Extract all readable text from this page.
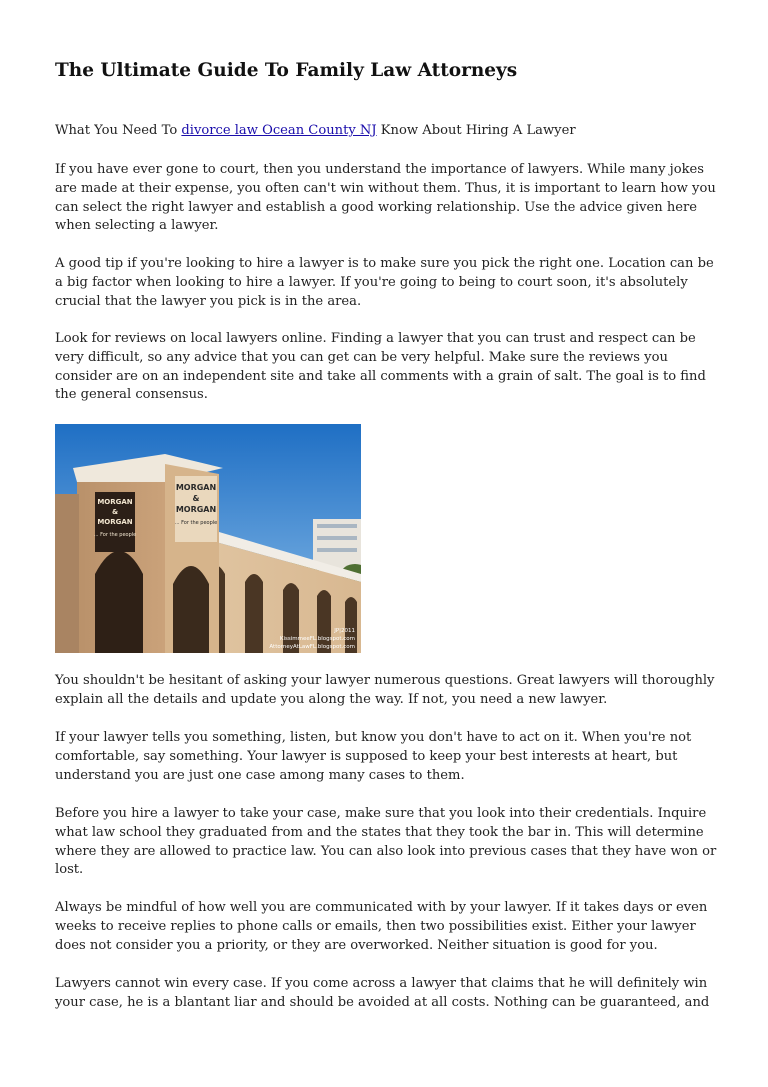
The Ultimate Guide To Family Law Attorneys

What You Need To divorce law Ocean County NJ Know About Hiring A Lawyer

If you have ever gone to court, then you understand the importance of lawyers. While many jokes are made at their expense, you often can't win without them. Thus, it is important to learn how you can select the right lawyer and establish a good working relationship. Use the advice given here when selecting a lawyer.

A good tip if you're looking to hire a lawyer is to make sure you pick the right one. Location can be a big factor when looking to hire a lawyer. If you're going to being to court soon, it's absolutely crucial that the lawyer you pick is in the area.

Look for reviews on local lawyers online. Finding a lawyer that you can trust and respect can be very difficult, so any advice that you can get can be very helpful. Make sure the reviews you consider are on an independent site and take all comments with a grain of salt. The goal is to find the general consensus.

MORGAN
&
MORGAN
... For the people
MORGAN
&
MORGAN
... For the people
JP|2011
KissimmeeFL.blogspot.com
AttorneyAtLawFL.blogspot.com

You shouldn't be hesitant of asking your lawyer numerous questions. Great lawyers will thoroughly explain all the details and update you along the way. If not, you need a new lawyer.

If your lawyer tells you something, listen, but know you don't have to act on it. When you're not comfortable, say something. Your lawyer is supposed to keep your best interests at heart, but understand you are just one case among many cases to them.

Before you hire a lawyer to take your case, make sure that you look into their credentials. Inquire what law school they graduated from and the states that they took the bar in. This will determine where they are allowed to practice law. You can also look into previous cases that they have won or lost.

Always be mindful of how well you are communicated with by your lawyer. If it takes days or even weeks to receive replies to phone calls or emails, then two possibilities exist. Either your lawyer does not consider you a priority, or they are overworked. Neither situation is good for you.

Lawyers cannot win every case. If you come across a lawyer that claims that he will definitely win your case, he is a blantant liar and should be avoided at all costs. Nothing can be guaranteed, and
